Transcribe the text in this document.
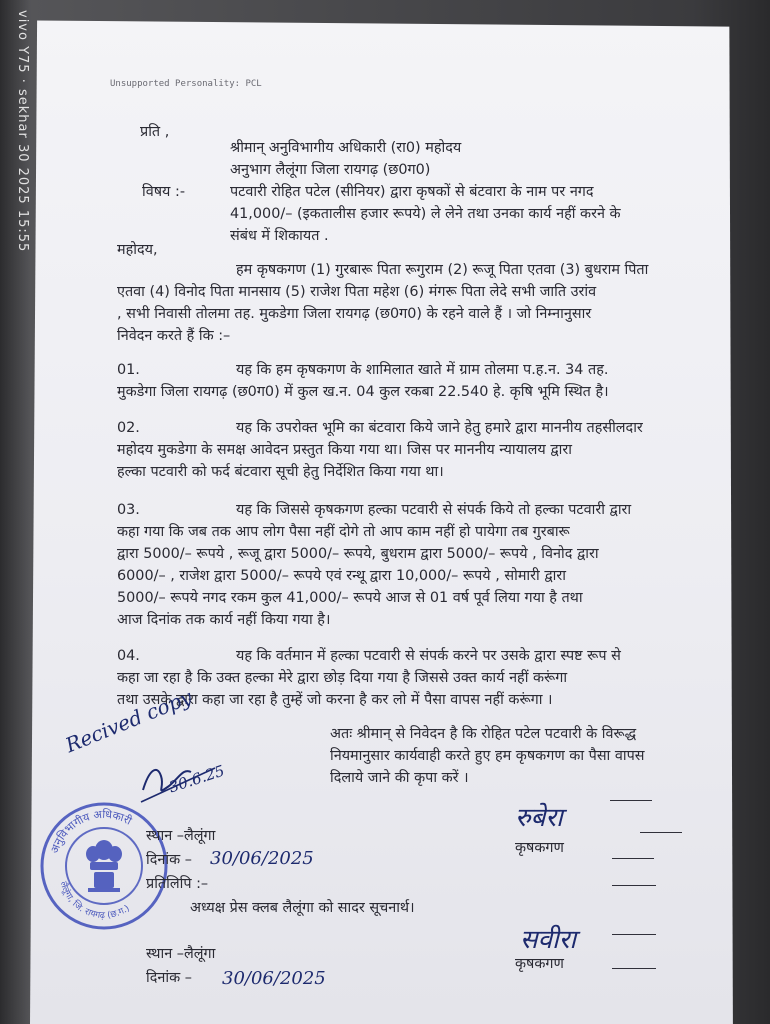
vivo Y75 · sekhar 30 2025 15:55	Unsupported Personality: PCL
प्रति ,
श्रीमान् अनुविभागीय अधिकारी (रा0) महोदय
अनुभाग लैलूंगा जिला रायगढ़ (छ0ग0)
विषय :-	पटवारी रोहित पटेल (सीनियर) द्वारा कृषकों से बंटवारा के नाम पर नगद
41,000/– (इकतालीस हजार रूपये) ले लेने तथा उनका कार्य नहीं करने के
संबंध में शिकायत .
महोदय,
हम कृषकगण (1) गुरबारू पिता रूगुराम (2) रूजू पिता एतवा (3) बुधराम पिता
एतवा (4) विनोद पिता मानसाय (5) राजेश पिता महेश (6) मंगरू पिता लेदे सभी जाति उरांव
, सभी निवासी तोलमा तह. मुकडेगा जिला रायगढ़ (छ0ग0) के रहने वाले हैं । जो निम्नानुसार
निवेदन करते हैं कि :–
01.	यह कि हम कृषकगण के शामिलात खाते में ग्राम तोलमा प.ह.न. 34 तह.
मुकडेगा जिला रायगढ़ (छ0ग0) में कुल ख.न. 04 कुल रकबा 22.540 हे. कृषि भूमि स्थित है।
02.	यह कि उपरोक्त भूमि का बंटवारा किये जाने हेतु हमारे द्वारा माननीय तहसीलदार
महोदय मुकडेगा के समक्ष आवेदन प्रस्तुत किया गया था। जिस पर माननीय न्यायालय द्वारा
हल्का पटवारी को फर्द बंटवारा सूची हेतु निर्देशित किया गया था।
03.	यह कि जिससे कृषकगण हल्का पटवारी से संपर्क किये तो हल्का पटवारी द्वारा
कहा गया कि जब तक आप लोग पैसा नहीं दोगे तो आप काम नहीं हो पायेगा तब गुरबारू
द्वारा 5000/– रूपये , रूजू द्वारा 5000/– रूपये, बुधराम द्वारा 5000/– रूपये , विनोद द्वारा
6000/– , राजेश द्वारा 5000/– रूपये एवं रन्थू द्वारा 10,000/– रूपये , सोमारी द्वारा
5000/– रूपये नगद रकम कुल 41,000/– रूपये आज से 01 वर्ष पूर्व लिया गया है तथा
आज दिनांक तक कार्य नहीं किया गया है।
04.	यह कि वर्तमान में हल्का पटवारी से संपर्क करने पर उसके द्वारा स्पष्ट रूप से
कहा जा रहा है कि उक्त हल्का मेरे द्वारा छोड़ दिया गया है जिससे उक्त कार्य नहीं करूंगा
तथा उसके द्वारा कहा जा रहा है तुम्हें जो करना है कर लो में पैसा वापस नहीं करूंगा ।
अतः श्रीमान् से निवेदन है कि रोहित पटेल पटवारी के विरूद्ध
नियमानुसार कार्यवाही करते हुए हम कृषकगण का पैसा वापस
दिलाये जाने की कृपा करें ।
Recived copy
30.6.25
अनुविभागीय अधिकारी
लैलूंगा, जि. रायगढ़ (छ.ग.)
स्थान –लैलूंगा
दिनांक – 30/06/2025
रुबेरा
कृषकगण
प्रतिलिपि :–
अध्यक्ष प्रेस क्लब लैलूंगा को सादर सूचनार्थ।
स्थान –लैलूंगा
दिनांक – 30/06/2025
सवीरा
कृषकगण
